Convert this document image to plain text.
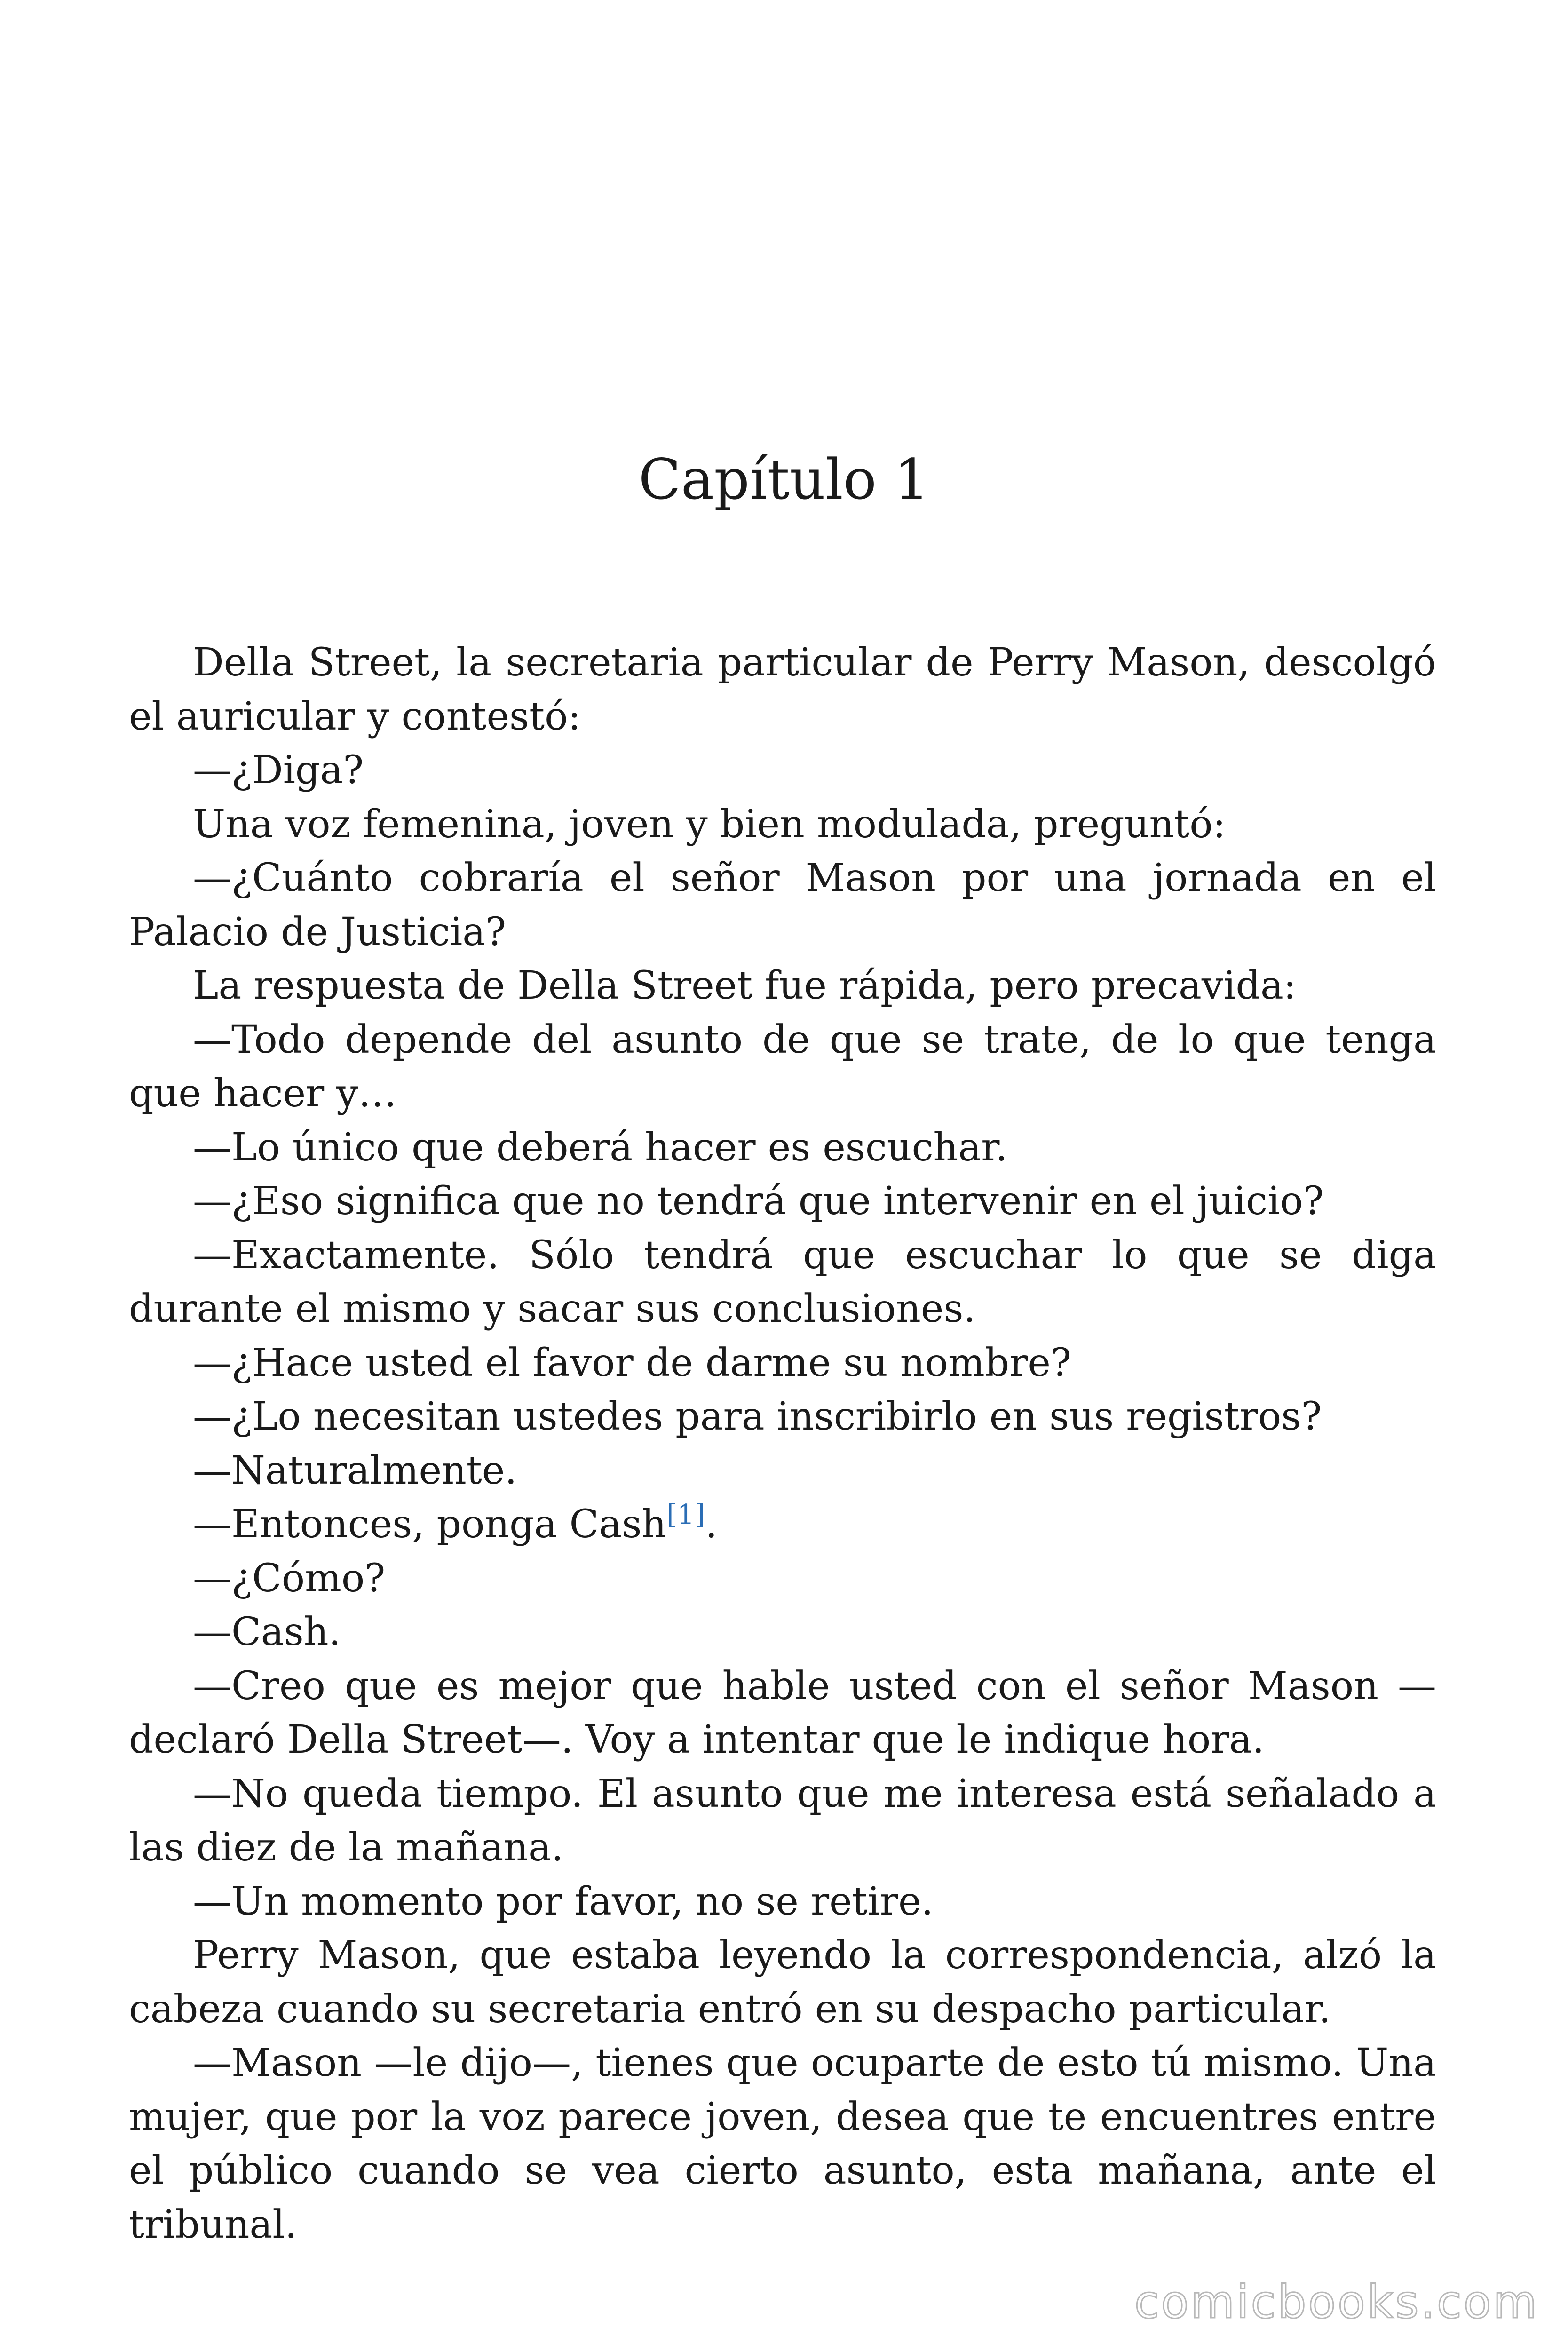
Capítulo 1

Della Street, la secretaria particular de Perry Mason, descolgó el auricular y contestó:

—¿Diga?

Una voz femenina, joven y bien modulada, preguntó:

—¿Cuánto cobraría el señor Mason por una jornada en el Palacio de Justicia?

La respuesta de Della Street fue rápida, pero precavida:

—Todo depende del asunto de que se trate, de lo que tenga que hacer y…

—Lo único que deberá hacer es escuchar.

—¿Eso significa que no tendrá que intervenir en el juicio?

—Exactamente. Sólo tendrá que escuchar lo que se diga durante el mismo y sacar sus conclusiones.

—¿Hace usted el favor de darme su nombre?

—¿Lo necesitan ustedes para inscribirlo en sus registros?

—Naturalmente.

—Entonces, ponga Cash[1].

—¿Cómo?

—Cash.

—Creo que es mejor que hable usted con el señor Mason —declaró Della Street—. Voy a intentar que le indique hora.

—No queda tiempo. El asunto que me interesa está señalado a las diez de la mañana.

—Un momento por favor, no se retire.

Perry Mason, que estaba leyendo la correspondencia, alzó la cabeza cuando su secretaria entró en su despacho particular.

—Mason —le dijo—, tienes que ocuparte de esto tú mismo. Una mujer, que por la voz parece joven, desea que te encuentres entre el público cuando se vea cierto asunto, esta mañana, ante el tribunal.

comicbooks.com
